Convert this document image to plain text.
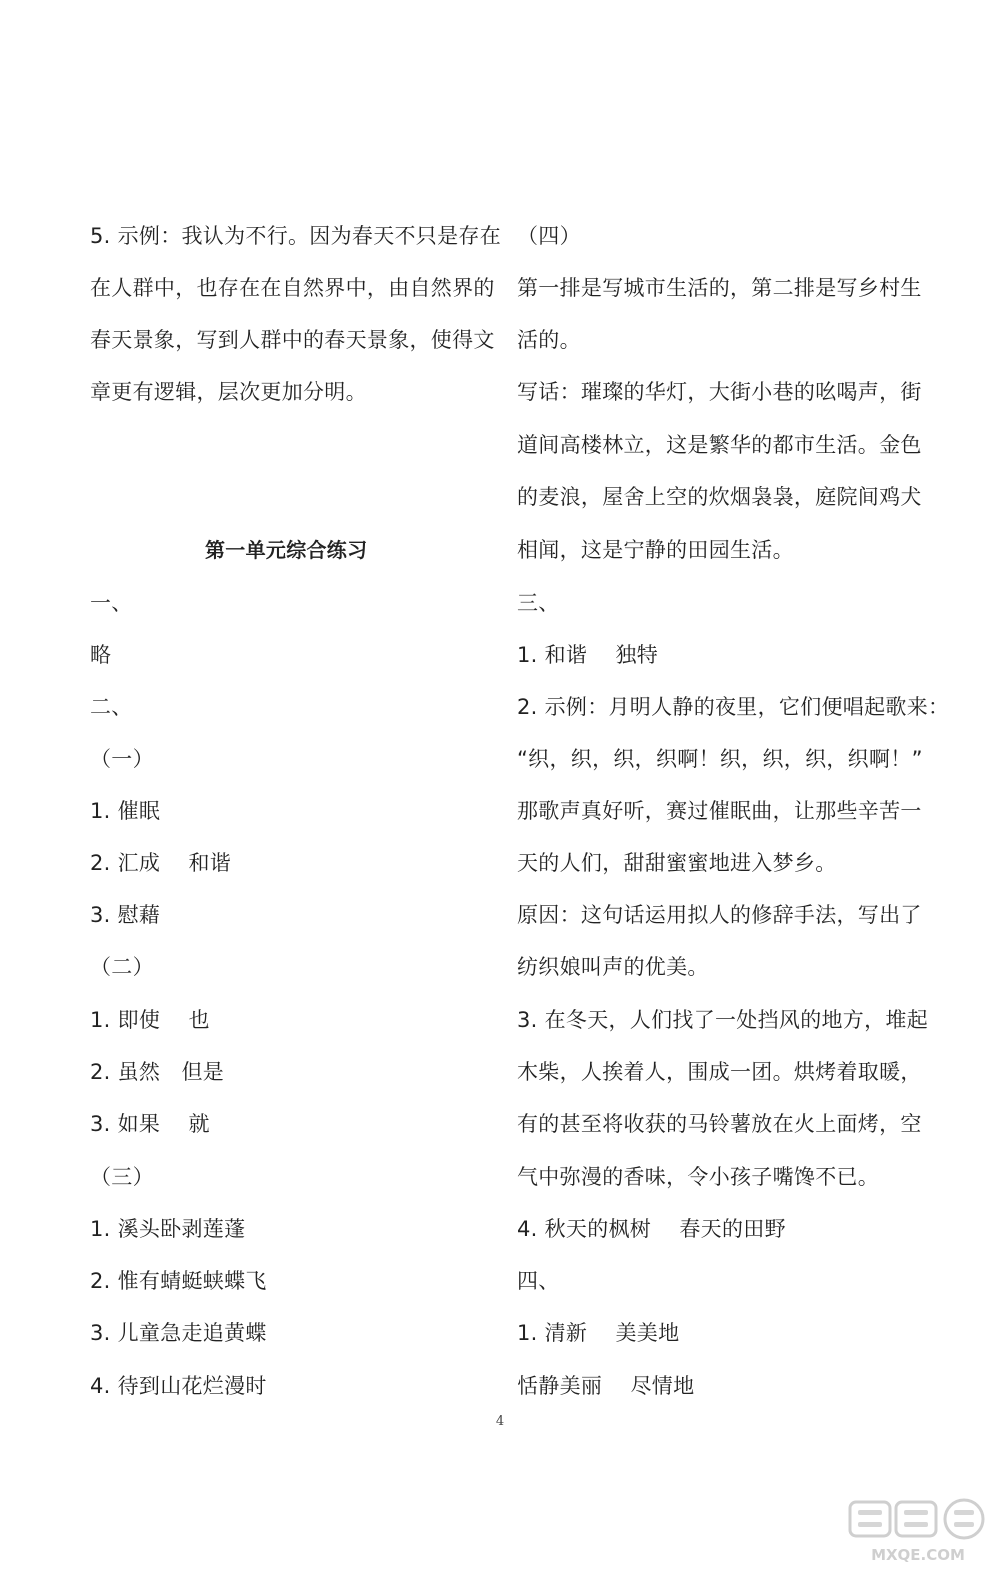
5. 示例：我认为不行。因为春天不只是存在
在人群中，也存在在自然界中，由自然界的
春天景象，写到人群中的春天景象，使得文
章更有逻辑，层次更加分明。
第一单元综合练习
一、
略
二、
（一）
1. 催眠
2. 汇成　 和谐
3. 慰藉
（二）
1. 即使　 也
2. 虽然　但是
3. 如果　 就
（三）
1. 溪头卧剥莲蓬
2. 惟有蜻蜓蛱蝶飞
3. 儿童急走追黄蝶
4. 待到山花烂漫时
（四）
第一排是写城市生活的，第二排是写乡村生
活的。
写话：璀璨的华灯，大街小巷的吆喝声，街
道间高楼林立，这是繁华的都市生活。金色
的麦浪，屋舍上空的炊烟袅袅，庭院间鸡犬
相闻，这是宁静的田园生活。
三、
1. 和谐　 独特
2. 示例：月明人静的夜里，它们便唱起歌来：
“织，织，织，织啊！织，织，织，织啊！”
那歌声真好听，赛过催眠曲，让那些辛苦一
天的人们，甜甜蜜蜜地进入梦乡。
原因：这句话运用拟人的修辞手法，写出了
纺织娘叫声的优美。
3. 在冬天，人们找了一处挡风的地方，堆起
木柴，人挨着人，围成一团。烘烤着取暖，
有的甚至将收获的马铃薯放在火上面烤，空
气中弥漫的香味，令小孩子嘴馋不已。
4. 秋天的枫树　 春天的田野
四、
1. 清新　 美美地
恬静美丽　 尽情地
4
MXQE.COM
